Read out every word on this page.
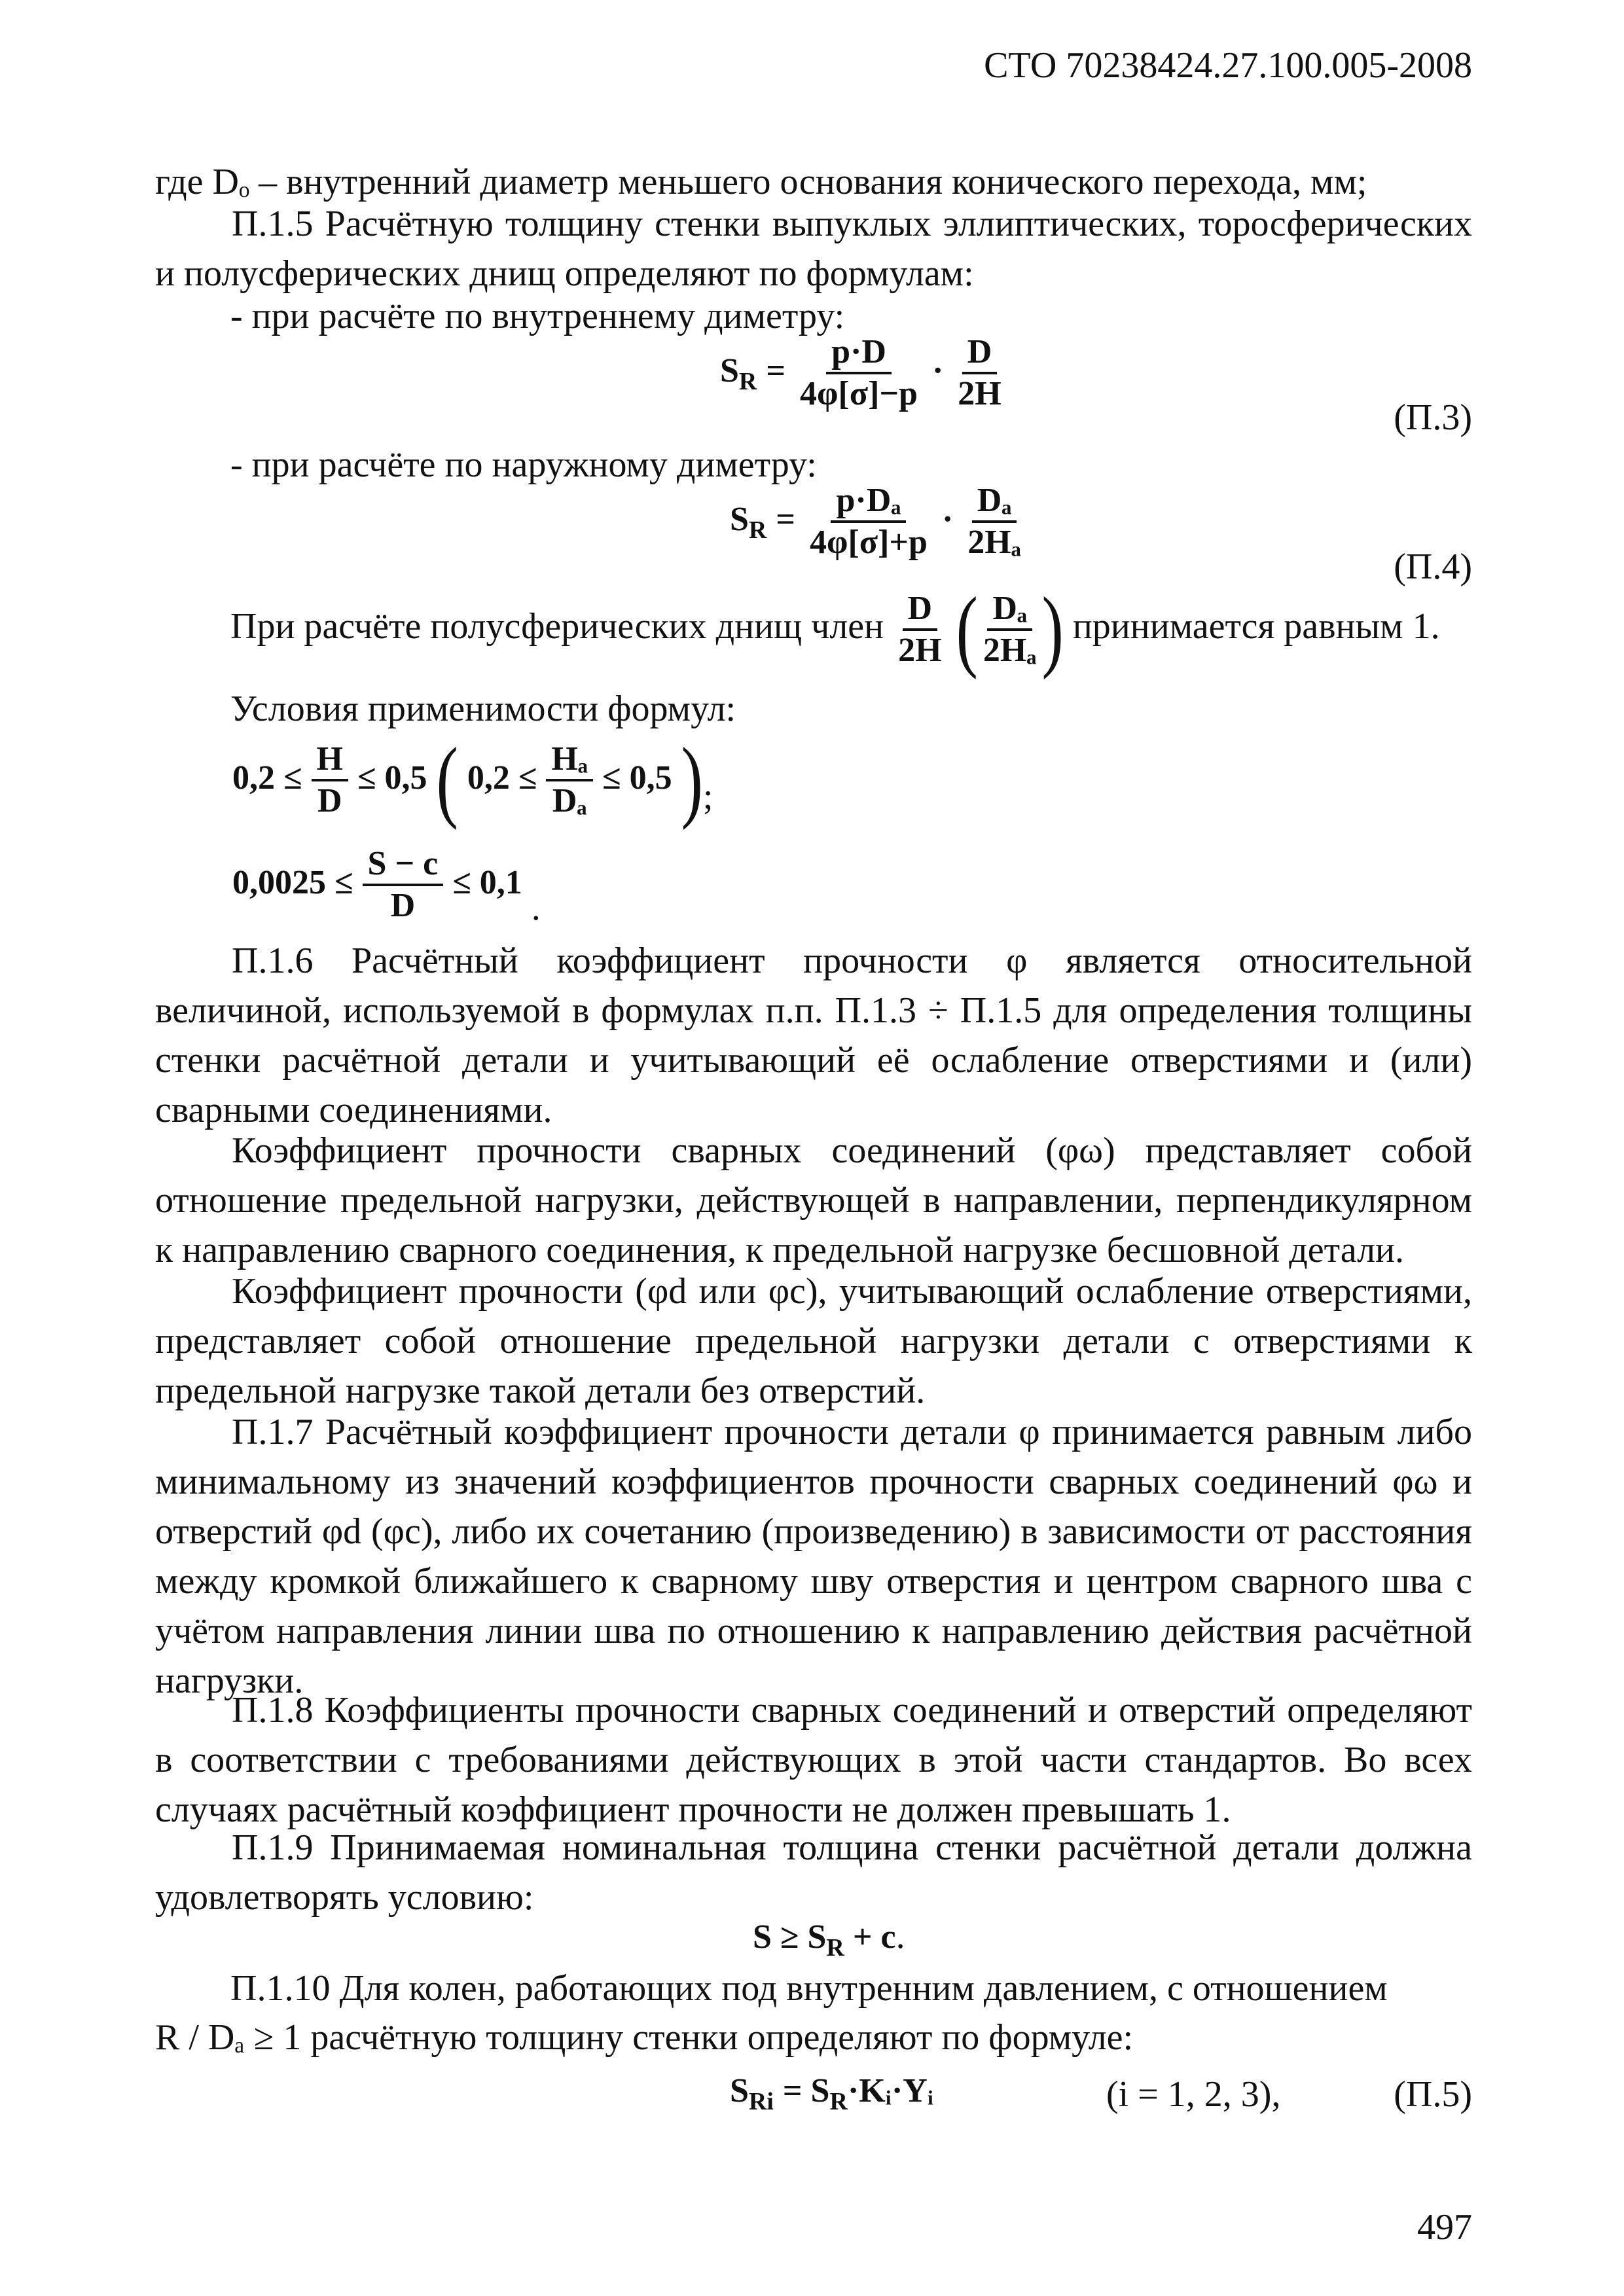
СТО 70238424.27.100.005-2008

где Dₒ – внутренний диаметр меньшего основания конического перехода, мм;

П.1.5 Расчётную толщину стенки выпуклых эллиптических, торосферических и полусферических днищ определяют по формулам:

- при расчёте по внутреннему диметру:
$S_R = \frac{p\cdot D}{4\varphi[\sigma]-p} \cdot \frac{D}{2H}$
(П.3)
- при расчёте по наружному диметру:
$S_R = \frac{\text{p·Dₐ}}{4\varphi[\sigma]+p} \cdot \frac{\text{Dₐ}}{\text{2Hₐ}}$
(П.4)
При расчёте полусферических днищ член $\frac{D}{2H}$ ( $\frac{\text{Dₐ}}{\text{2Hₐ}}$ ) принимается равным 1.
Условия применимости формул:
$0,2 \le \frac{H}{D} \le 0,5$ ( $0,2 \le \frac{\text{Hₐ}}{\text{Dₐ}} \le 0,5$ );
$0,0025 \le \frac{S - c}{D} \le 0,1$ .

П.1.6 Расчётный коэффициент прочности φ является относительной величиной, используемой в формулах п.п. П.1.3 ÷ П.1.5 для определения толщины стенки расчётной детали и учитывающий её ослабление отверстиями и (или) сварными соединениями.

Коэффициент прочности сварных соединений (φω) представляет собой отношение предельной нагрузки, действующей в направлении, перпендикулярном к направлению сварного соединения, к предельной нагрузке бесшовной детали.

Коэффициент прочности (φd или φc), учитывающий ослабление отверстиями, представляет собой отношение предельной нагрузки детали с отверстиями к предельной нагрузке такой детали без отверстий.

П.1.7 Расчётный коэффициент прочности детали φ принимается равным либо минимальному из значений коэффициентов прочности сварных соединений φω и отверстий φd (φc), либо их сочетанию (произведению) в зависимости от расстояния между кромкой ближайшего к сварному шву отверстия и центром сварного шва с учётом направления линии шва по отношению к направлению действия расчётной нагрузки.

П.1.8 Коэффициенты прочности сварных соединений и отверстий определяют в соответствии с требованиями действующих в этой части стандартов. Во всех случаях расчётный коэффициент прочности не должен превышать 1.

П.1.9 Принимаемая номинальная толщина стенки расчётной детали должна удовлетворять условию:

$S \ge S_R + c$.
П.1.10 Для колен, работающих под внутренним давлением, с отношением
R / Dₐ ≥ 1 расчётную толщину стенки определяют по формуле:
$S_{Ri}$ = $S_R\cdot Kᵢ\cdot Yᵢ$	(i = 1, 2, 3),	(П.5)
497
